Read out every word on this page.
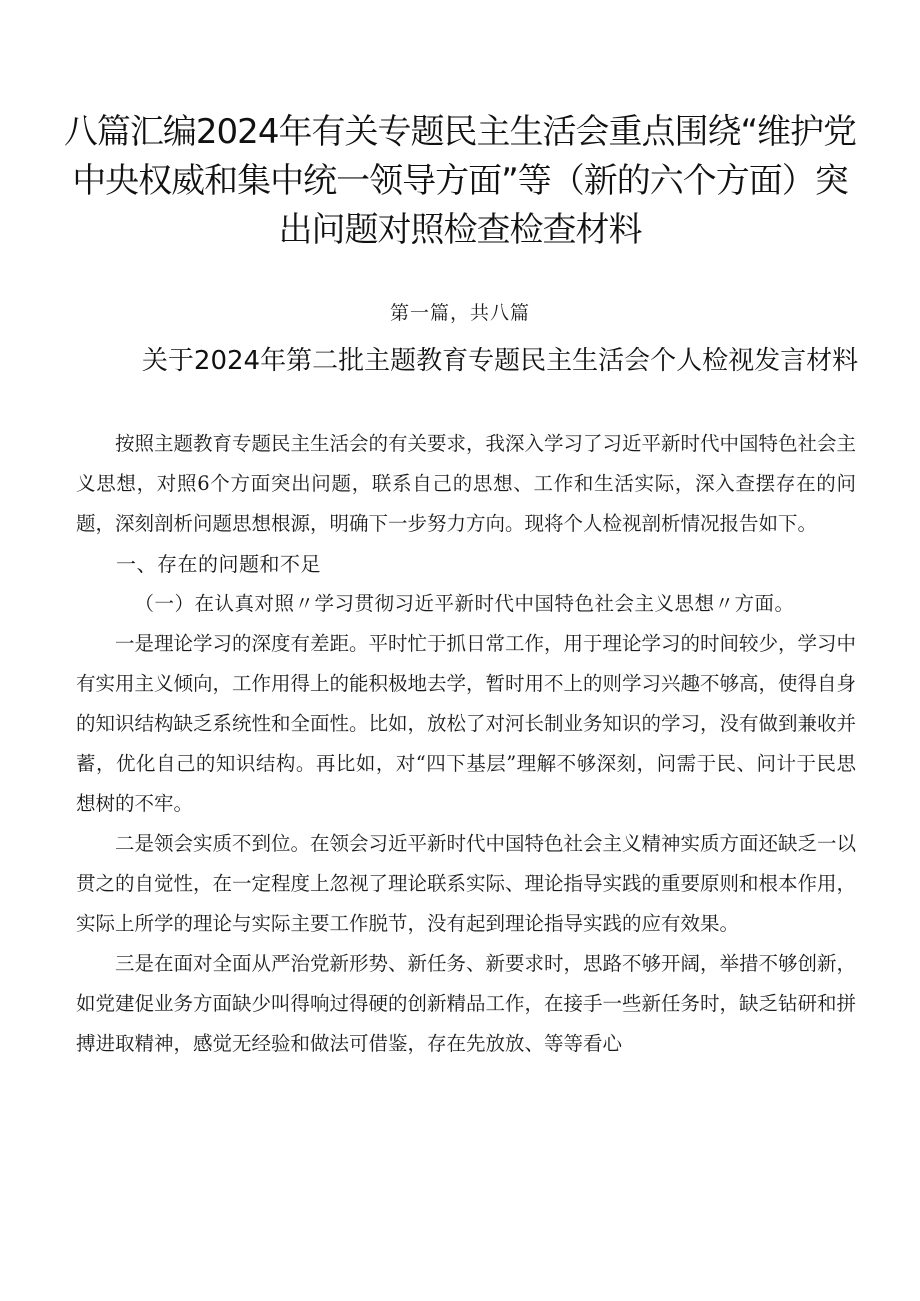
八篇汇编2024年有关专题民主生活会重点围绕“维护党中央权威和集中统一领导方面”等（新的六个方面）突出问题对照检查检查材料
第一篇，共八篇
关于2024年第二批主题教育专题民主生活会个人检视发言材料

按照主题教育专题民主生活会的有关要求，我深入学习了习近平新时代中国特色社会主义思想，对照6个方面突出问题，联系自己的思想、工作和生活实际，深入查摆存在的问题，深刻剖析问题思想根源，明确下一步努力方向。现将个人检视剖析情况报告如下。

一、存在的问题和不足

（一）在认真对照〃学习贯彻习近平新时代中国特色社会主义思想〃方面。

一是理论学习的深度有差距。平时忙于抓日常工作，用于理论学习的时间较少，学习中有实用主义倾向，工作用得上的能积极地去学，暂时用不上的则学习兴趣不够高，使得自身的知识结构缺乏系统性和全面性。比如，放松了对河长制业务知识的学习，没有做到兼收并蓄，优化自己的知识结构。再比如，对“四下基层”理解不够深刻，问需于民、问计于民思想树的不牢。

二是领会实质不到位。在领会习近平新时代中国特色社会主义精神实质方面还缺乏一以贯之的自觉性，在一定程度上忽视了理论联系实际、理论指导实践的重要原则和根本作用，实际上所学的理论与实际主要工作脱节，没有起到理论指导实践的应有效果。

三是在面对全面从严治党新形势、新任务、新要求时，思路不够开阔，举措不够创新，如党建促业务方面缺少叫得响过得硬的创新精品工作，在接手一些新任务时，缺乏钻研和拼搏进取精神，感觉无经验和做法可借鉴，存在先放放、等等看心
